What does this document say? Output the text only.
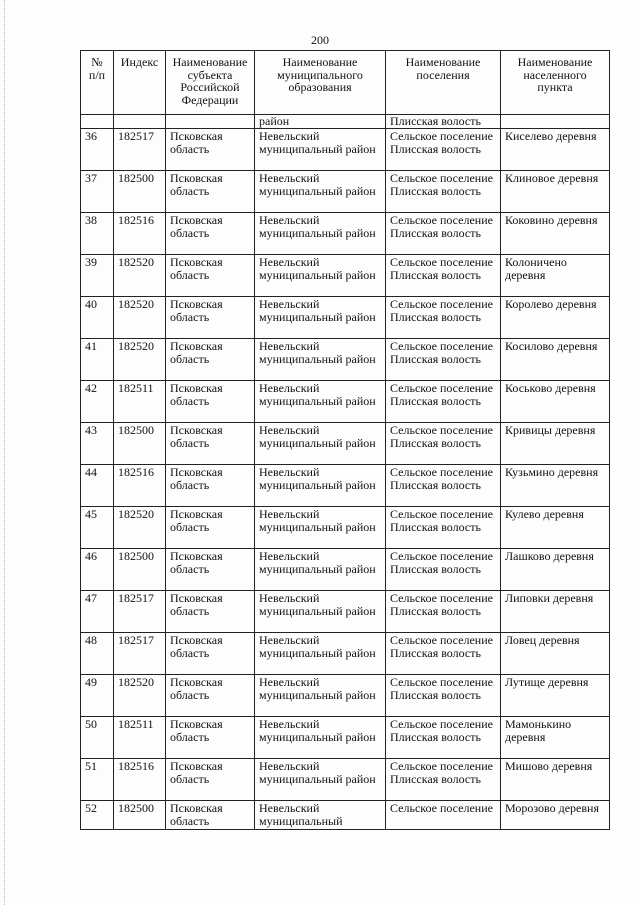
200
№ п/п	Индекс	Наименование субъекта Российской Федерации	Наименование муниципального образования	Наименование поселения	Наименование населенного пункта
			район	Плисская волость	
36	182517	Псковская область	Невельский муниципальный район	Сельское поселение Плисская волость	Киселево деревня
37	182500	Псковская область	Невельский муниципальный район	Сельское поселение Плисская волость	Клиновое деревня
38	182516	Псковская область	Невельский муниципальный район	Сельское поселение Плисская волость	Коковино деревня
39	182520	Псковская область	Невельский муниципальный район	Сельское поселение Плисская волость	Колоничено деревня
40	182520	Псковская область	Невельский муниципальный район	Сельское поселение Плисская волость	Королево деревня
41	182520	Псковская область	Невельский муниципальный район	Сельское поселение Плисская волость	Косилово деревня
42	182511	Псковская область	Невельский муниципальный район	Сельское поселение Плисская волость	Коськово деревня
43	182500	Псковская область	Невельский муниципальный район	Сельское поселение Плисская волость	Кривицы деревня
44	182516	Псковская область	Невельский муниципальный район	Сельское поселение Плисская волость	Кузьмино деревня
45	182520	Псковская область	Невельский муниципальный район	Сельское поселение Плисская волость	Кулево деревня
46	182500	Псковская область	Невельский муниципальный район	Сельское поселение Плисская волость	Лашково деревня
47	182517	Псковская область	Невельский муниципальный район	Сельское поселение Плисская волость	Липовки деревня
48	182517	Псковская область	Невельский муниципальный район	Сельское поселение Плисская волость	Ловец деревня
49	182520	Псковская область	Невельский муниципальный район	Сельское поселение Плисская волость	Лутище деревня
50	182511	Псковская область	Невельский муниципальный район	Сельское поселение Плисская волость	Мамонькино деревня
51	182516	Псковская область	Невельский муниципальный район	Сельское поселение Плисская волость	Мишово деревня
52	182500	Псковская область	Невельский муниципальный	Сельское поселение	Морозово деревня
